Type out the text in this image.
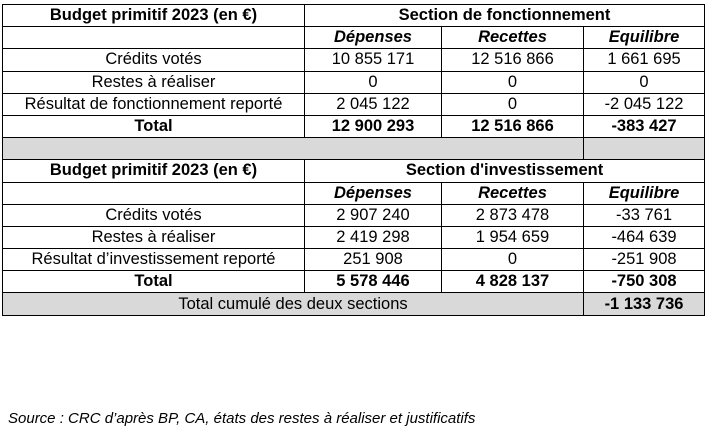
Budget primitif 2023 (en €)	Section de fonctionnement		
	Dépenses	Recettes	Equilibre
Crédits votés	10 855 171	12 516 866	1 661 695
Restes à réaliser	0	0	0
Résultat de fonctionnement reporté	2 045 122	0	-2 045 122
Total	12 900 293	12 516 866	-383 427

Budget primitif 2023 (en €)	Section d'investissement		
	Dépenses	Recettes	Equilibre
Crédits votés	2 907 240	2 873 478	-33 761
Restes à réaliser	2 419 298	1 954 659	-464 639
Résultat d’investissement reporté	251 908	0	-251 908
Total	5 578 446	4 828 137	-750 308
Total cumulé des deux sections			-1 133 736
Source : CRC d’après BP, CA, états des restes à réaliser et justificatifs
